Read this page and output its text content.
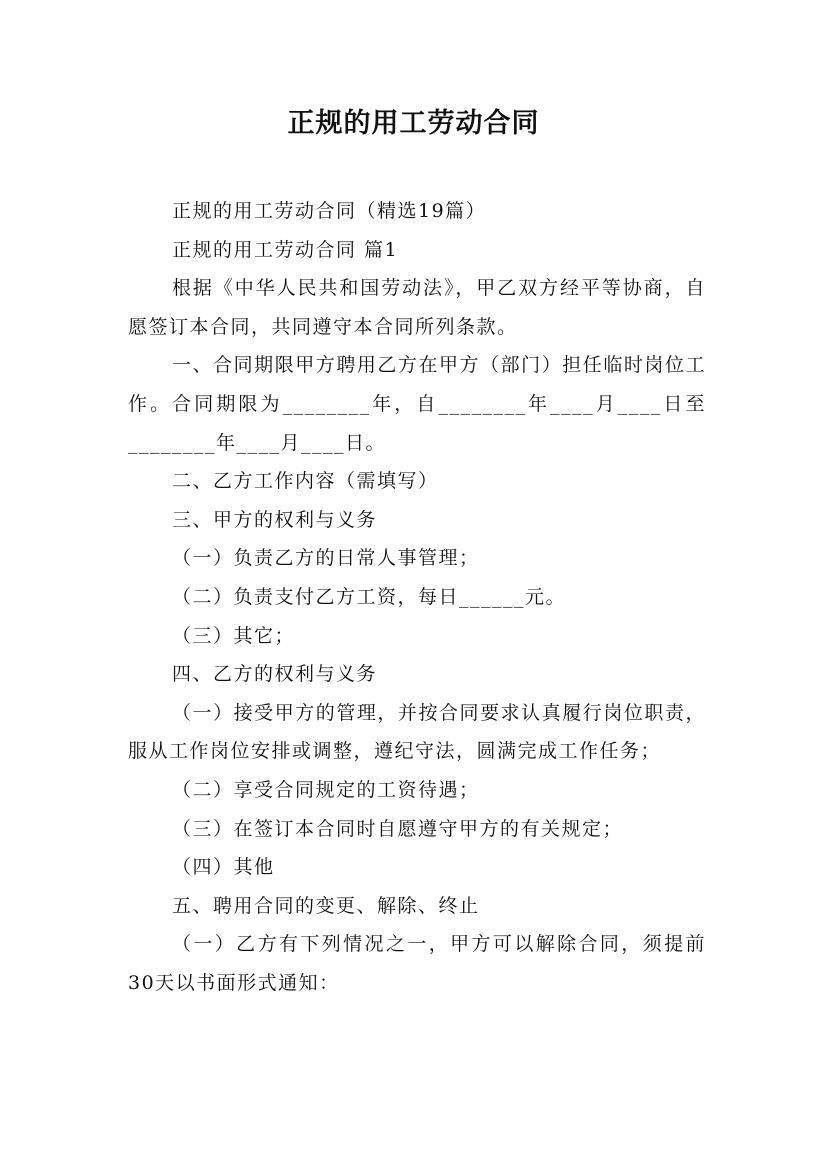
正规的用工劳动合同

正规的用工劳动合同（精选19篇）

正规的用工劳动合同 篇1

根据《中华人民共和国劳动法》，甲乙双方经平等协商，自愿签订本合同，共同遵守本合同所列条款。

一、合同期限甲方聘用乙方在甲方（部门）担任临时岗位工作。合同期限为________年，自________年____月____日至________年____月____日。

二、乙方工作内容（需填写）

三、甲方的权利与义务

（一）负责乙方的日常人事管理；

（二）负责支付乙方工资，每日______元。

（三）其它；

四、乙方的权利与义务

（一）接受甲方的管理，并按合同要求认真履行岗位职责，服从工作岗位安排或调整，遵纪守法，圆满完成工作任务；

（二）享受合同规定的工资待遇；

（三）在签订本合同时自愿遵守甲方的有关规定；

（四）其他

五、聘用合同的变更、解除、终止

（一）乙方有下列情况之一，甲方可以解除合同，须提前30天以书面形式通知：
